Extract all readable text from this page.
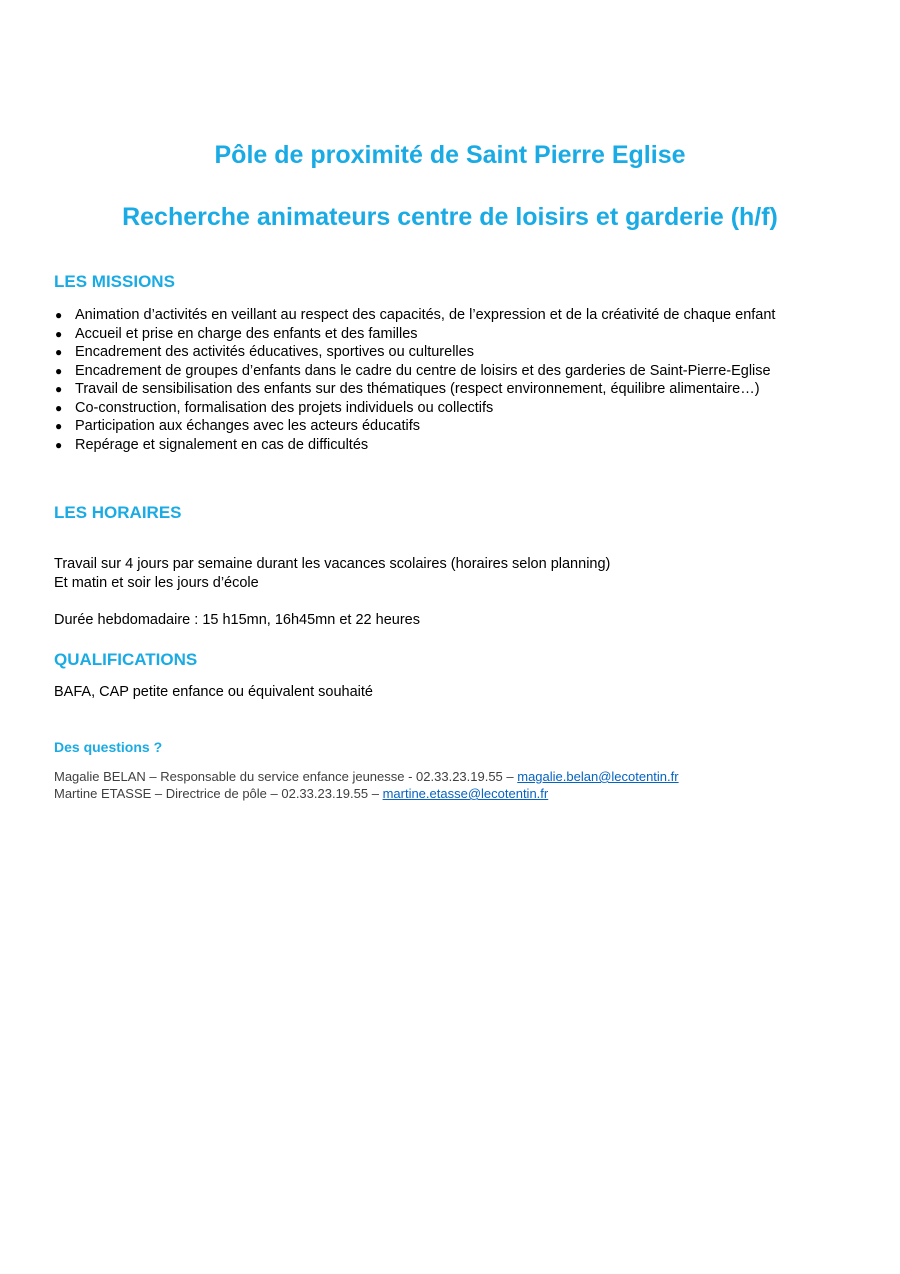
Pôle de proximité de Saint Pierre Eglise
Recherche animateurs centre de loisirs et garderie (h/f)
LES MISSIONS
● Animation d’activités en veillant au respect des capacités, de l’expression et de la créativité de chaque enfant
● Accueil et prise en charge des enfants et des familles
● Encadrement des activités éducatives, sportives ou culturelles
● Encadrement de groupes d’enfants dans le cadre du centre de loisirs et des garderies de Saint-Pierre-Eglise
● Travail de sensibilisation des enfants sur des thématiques (respect environnement, équilibre alimentaire…)
● Co-construction, formalisation des projets individuels ou collectifs
● Participation aux échanges avec les acteurs éducatifs
● Repérage et signalement en cas de difficultés
LES HORAIRES

Travail sur 4 jours par semaine durant les vacances scolaires (horaires selon planning)

Et matin et soir les jours d’école

Durée hebdomadaire : 15 h15mn, 16h45mn et 22 heures

QUALIFICATIONS

BAFA, CAP petite enfance ou équivalent souhaité

Des questions ?

Magalie BELAN – Responsable du service enfance jeunesse - 02.33.23.19.55 – magalie.belan@lecotentin.fr

Martine ETASSE – Directrice de pôle – 02.33.23.19.55 – martine.etasse@lecotentin.fr
